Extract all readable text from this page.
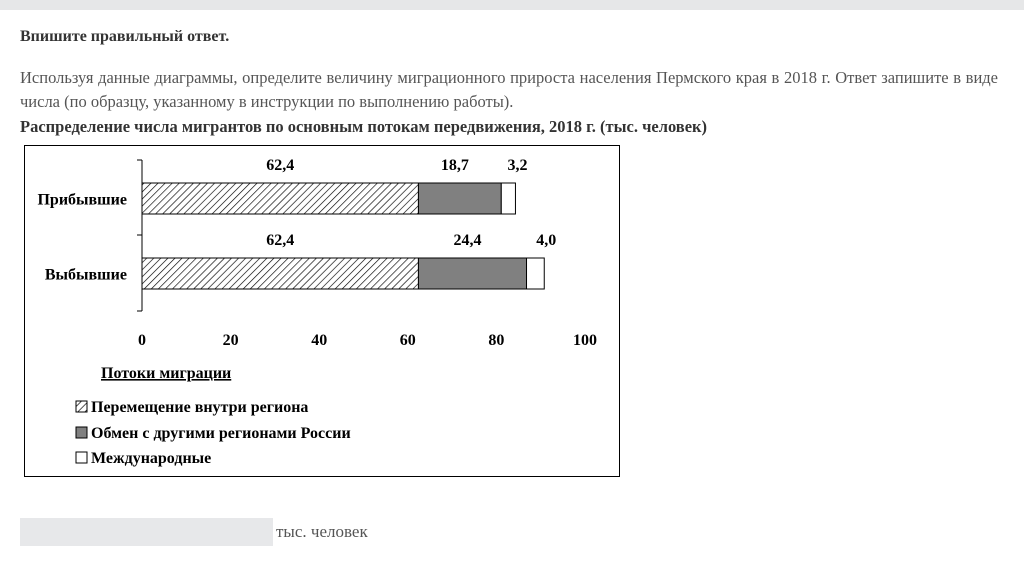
Впишите правильный ответ.
Используя данные диаграммы, определите величину миграционного прироста населения Пермского края в 2018 г. Ответ запишите в виде числа (по образцу, указанному в инструкции по выполнению работы).
Распределение числа мигрантов по основным потокам передвижения, 2018 г. (тыс. человек)
Прибывшие
Выбывшие
62,4	18,7 3,2
62,4	24,4	4,0
0	20	40	60	80	100
Потоки миграции
Перемещение внутри региона
Обмен с другими регионами России
Международные
тыс. человек
